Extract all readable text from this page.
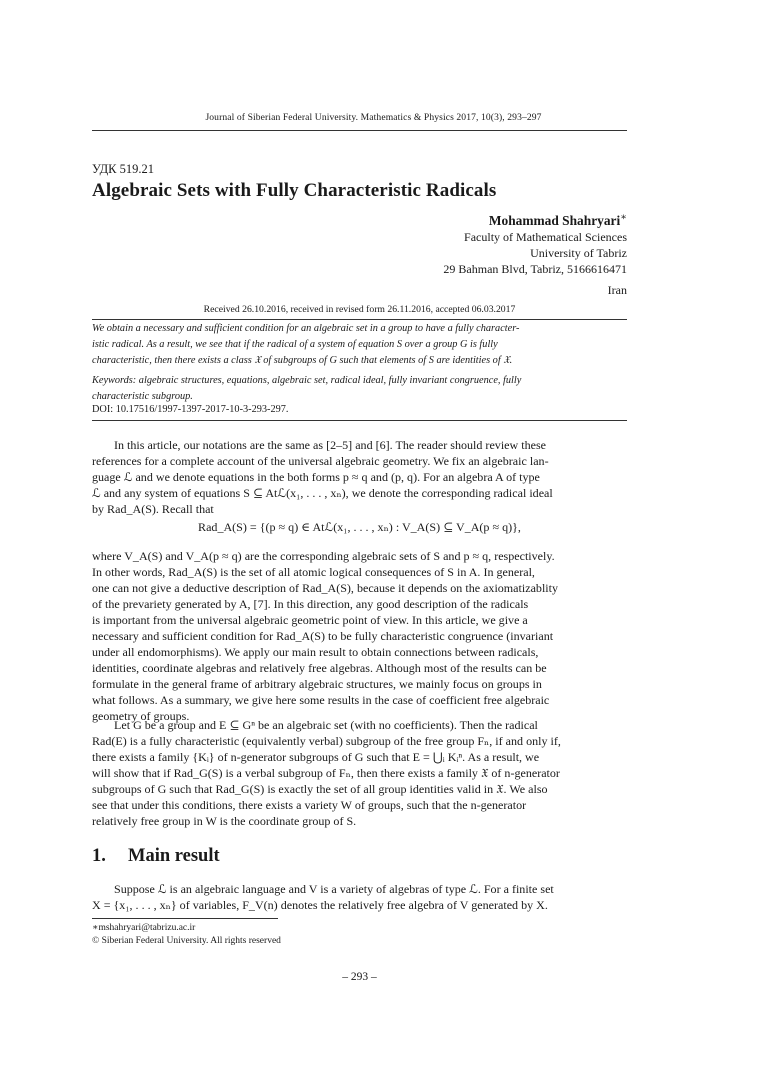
Journal of Siberian Federal University. Mathematics & Physics 2017, 10(3), 293–297
УДК 519.21
Algebraic Sets with Fully Characteristic Radicals
Mohammad Shahryari∗
Faculty of Mathematical Sciences
University of Tabriz
29 Bahman Blvd, Tabriz, 5166616471
Iran
Received 26.10.2016, received in revised form 26.11.2016, accepted 06.03.2017
We obtain a necessary and sufficient condition for an algebraic set in a group to have a fully character-
istic radical. As a result, we see that if the radical of a system of equation S over a group G is fully
characteristic, then there exists a class 𝔛 of subgroups of G such that elements of S are identities of 𝔛.
Keywords: algebraic structures, equations, algebraic set, radical ideal, fully invariant congruence, fully
characteristic subgroup.
DOI: 10.17516/1997-1397-2017-10-3-293-297.
In this article, our notations are the same as [2–5] and [6]. The reader should review these
references for a complete account of the universal algebraic geometry. We fix an algebraic lan-
guage ℒ and we denote equations in the both forms p ≈ q and (p, q). For an algebra A of type
ℒ and any system of equations S ⊆ Atℒ(x₁, . . . , xₙ), we denote the corresponding radical ideal
by Rad_A(S). Recall that
Rad_A(S) = {(p ≈ q) ∈ Atℒ(x₁, . . . , xₙ) : V_A(S) ⊆ V_A(p ≈ q)},
where V_A(S) and V_A(p ≈ q) are the corresponding algebraic sets of S and p ≈ q, respectively.
In other words, Rad_A(S) is the set of all atomic logical consequences of S in A. In general,
one can not give a deductive description of Rad_A(S), because it depends on the axiomatizablity
of the prevariety generated by A, [7]. In this direction, any good description of the radicals
is important from the universal algebraic geometric point of view. In this article, we give a
necessary and sufficient condition for Rad_A(S) to be fully characteristic congruence (invariant
under all endomorphisms). We apply our main result to obtain connections between radicals,
identities, coordinate algebras and relatively free algebras. Although most of the results can be
formulate in the general frame of arbitrary algebraic structures, we mainly focus on groups in
what follows. As a summary, we give here some results in the case of coefficient free algebraic
geometry of groups.
Let G be a group and E ⊆ Gⁿ be an algebraic set (with no coefficients). Then the radical
Rad(E) is a fully characteristic (equivalently verbal) subgroup of the free group Fₙ, if and only if,
there exists a family {Kᵢ} of n-generator subgroups of G such that E = ⋃ᵢ Kᵢⁿ. As a result, we
will show that if Rad_G(S) is a verbal subgroup of Fₙ, then there exists a family 𝔛 of n-generator
subgroups of G such that Rad_G(S) is exactly the set of all group identities valid in 𝔛. We also
see that under this conditions, there exists a variety W of groups, such that the n-generator
relatively free group in W is the coordinate group of S.
1. Main result
Suppose ℒ is an algebraic language and V is a variety of algebras of type ℒ. For a finite set
X = {x₁, . . . , xₙ} of variables, F_V(n) denotes the relatively free algebra of V generated by X.
∗mshahryari@tabrizu.ac.ir
© Siberian Federal University. All rights reserved
– 293 –
